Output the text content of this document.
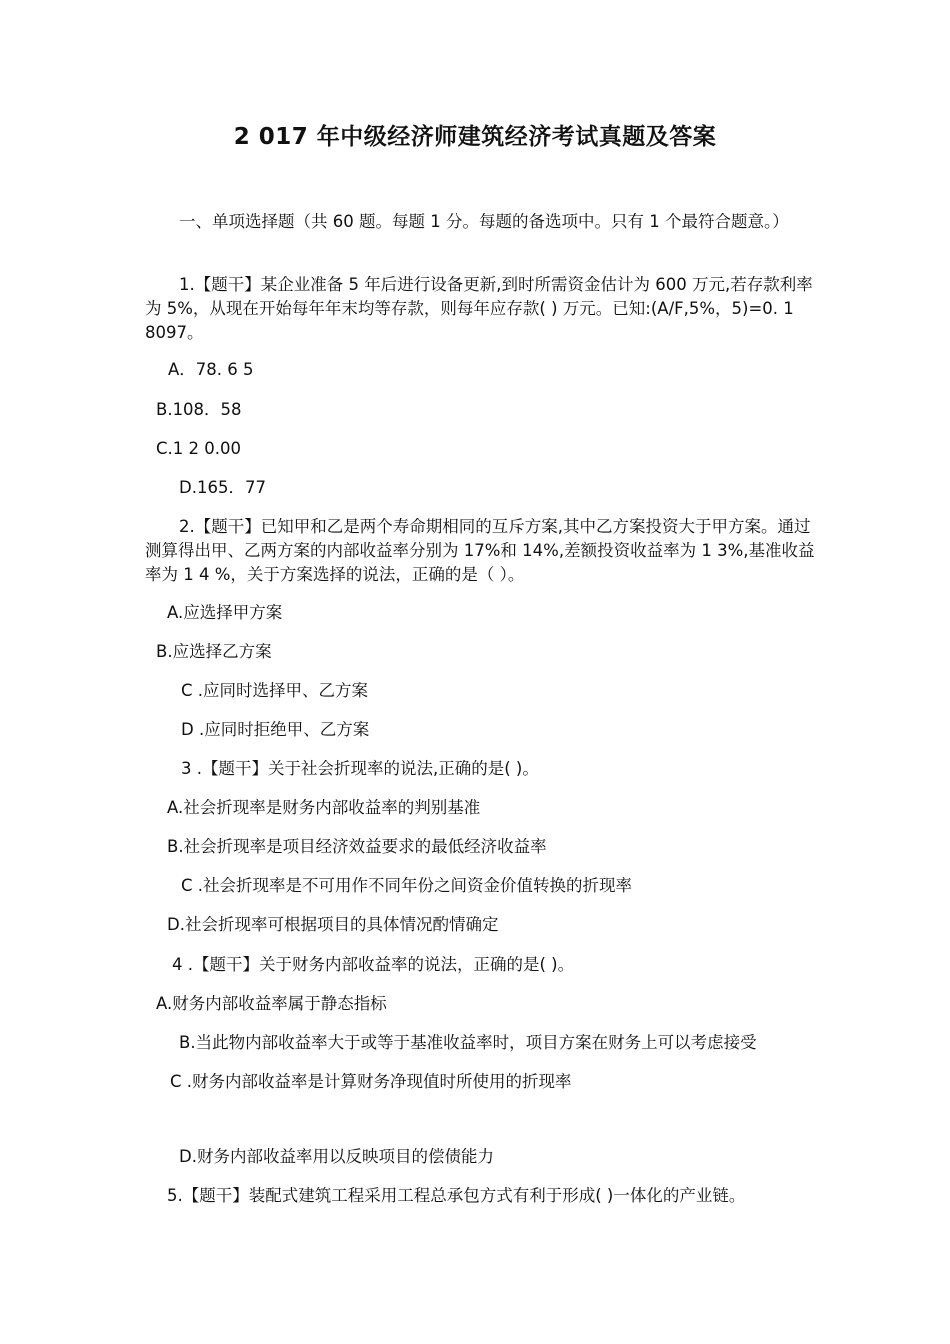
2 017 年中级经济师建筑经济考试真题及答案
一、单项选择题（共 60 题。每题 1 分。每题的备选项中。只有 1 个最符合题意。）
1.【题干】某企业准备 5 年后进行设备更新,到时所需资金估计为 600 万元,若存款利率为 5%，从现在开始每年年末均等存款，则每年应存款( ) 万元。已知:(A/F,5%，5)=0. 1 8097。
A．78. 6 5
B.108．58
C.1 2 0.00
D.165．77
2.【题干】已知甲和乙是两个寿命期相同的互斥方案,其中乙方案投资大于甲方案。通过测算得出甲、乙两方案的内部收益率分别为 17%和 14%,差额投资收益率为 1 3%,基准收益率为 1 4 %，关于方案选择的说法，正确的是（ ）。
A.应选择甲方案
B.应选择乙方案
C .应同时选择甲、乙方案
D .应同时拒绝甲、乙方案
3 .【题干】关于社会折现率的说法,正确的是( )。
A.社会折现率是财务内部收益率的判别基准
B.社会折现率是项目经济效益要求的最低经济收益率
C .社会折现率是不可用作不同年份之间资金价值转换的折现率
D.社会折现率可根据项目的具体情况酌情确定
4 .【题干】关于财务内部收益率的说法，正确的是( )。
A.财务内部收益率属于静态指标
B.当此物内部收益率大于或等于基准收益率时，项目方案在财务上可以考虑接受
C .财务内部收益率是计算财务净现值时所使用的折现率
D.财务内部收益率用以反映项目的偿债能力
5.【题干】装配式建筑工程采用工程总承包方式有利于形成( )一体化的产业链。
